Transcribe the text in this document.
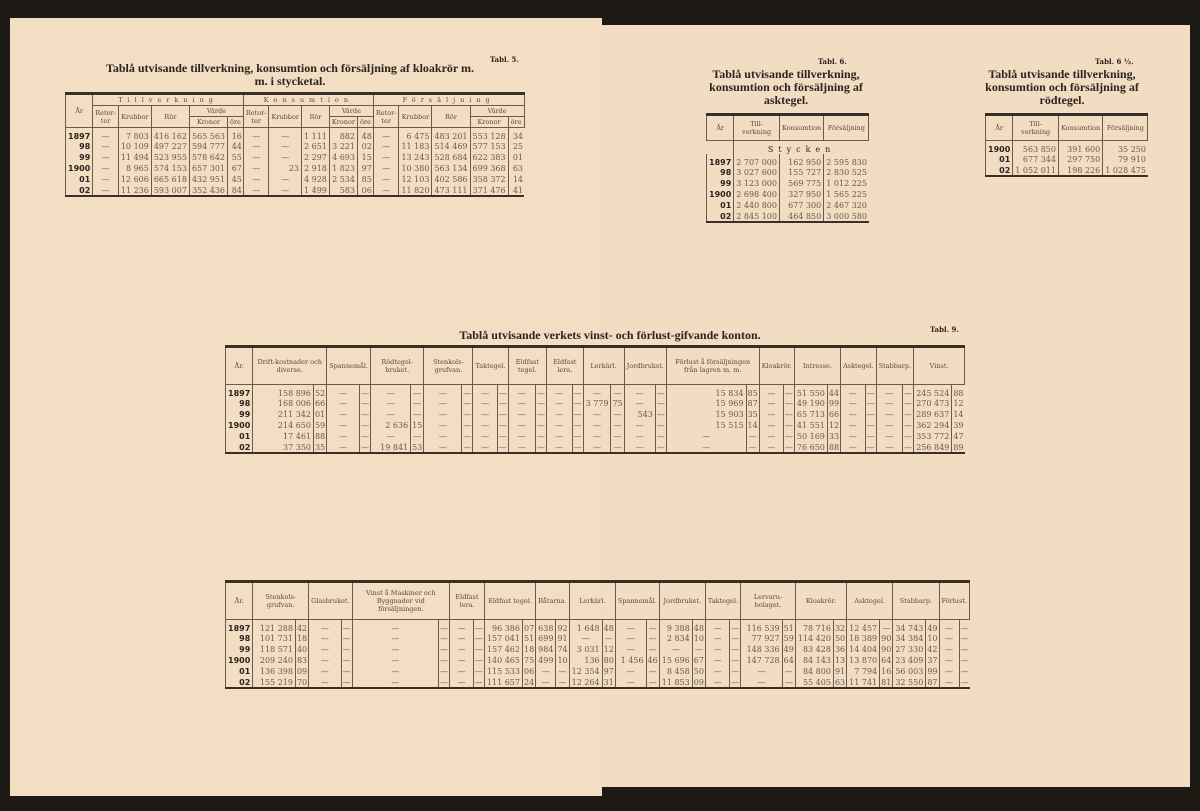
Tabl. 5.
Tablå utvisande tillverkning, konsumtion och försäljning af kloakrör m. m. i stycketal.
År	Tillverkning					Konsumtion					Försäljning				
	Retor-ter	Krubbor	Rör	Värde		Retor-ter	Krubbor	Rör	Värde		Retor-ter	Krubbor	Rör	Värde	
				Kronor	öre				Kronor	öre				Kronor	öre
1897	—	7 803	416 162	565 563	16	—	—	1 111	882	48	—	6 475	483 201	553 128	34
98	—	10 109	497 227	594 777	44	—	—	2 651	3 221	02	—	11 183	514 469	577 153	25
99	—	11 494	523 955	578 642	55	—	—	2 297	4 693	15	—	13 243	528 684	622 383	01
1900	—	8 965	574 153	657 301	67	—	23	2 918	1 823	97	—	10 380	563 134	699 368	63
01	—	12 606	665 618	432 951	45	—	—	4 928	2 534	85	—	12 103	402 586	358 372	14
02	—	11 236	593 007	352 436	84	—	—	1 499	583	06	—	11 820	473 111	371 476	41
Tabl. 6.
Tablå utvisande tillverkning, konsumtion och försäljning af asktegel.
År	Till-verkning	Konsumtion	Försäljning
	Stycken		
1897	2 707 000	162 950	2 595 830
98	3 027 600	155 727	2 830 525
99	3 123 000	569 775	1 012 225
1900	2 698 400	327 950	1 565 225
01	2 440 800	677 300	2 467 320
02	2 845 100	464 850	3 000 580
Tabl. 6 ½.
Tablå utvisande tillverkning, konsumtion och försäljning af rödtegel.
År	Till-verkning	Konsumtion	Försäljning
1900	563 850	391 600	35 250
01	677 344	297 750	79 910
02	1 052 011	198 226	1 028 475
Tabl. 9.
Tablå utvisande verkets vinst- och förlust-gifvande konton.
År.	Drift-kostnader och diverse.		Spannemål.		Rödtegel-bruket.		Stenkols-grufvan.		Taktegel.		Eldfast tegel.		Eldfast lera.		Lerkärl.		Jordbrukst.		Förlust å försäljningen från lagren m. m.		Kloakrör.		Intresse.		Asktegel.		Stabbarp.		Vinst.	
1897	158 896	52	—	—	—	—	—	—	—	—	—	—	—	—	—	—	—	—	15 834	85	—	—	51 550	44	—	—	—	—	245 524	88
98	168 006	66	—	—	—	—	—	—	—	—	—	—	—	—	3 779	75	—	—	15 969	87	—	—	49 190	99	—	—	—	—	270 473	12
99	211 342	01	—	—	—	—	—	—	—	—	—	—	—	—	—	—	543	—	15 903	35	—	—	65 713	66	—	—	—	—	289 637	14
1900	214 650	59	—	—	2 636	15	—	—	—	—	—	—	—	—	—	—	—	—	15 515	14	—	—	41 551	12	—	—	—	—	362 294	39
01	17 461	88	—	—	—	—	—	—	—	—	—	—	—	—	—	—	—	—	—	—	—	—	50 169	33	—	—	—	—	353 772	47
02	37 350	35	—	—	19 841	53	—	—	—	—	—	—	—	—	—	—	—	—	—	—	—	—	76 650	88	—	—	—	—	256 849	89
År.	Stenkols-grufvan.		Glasbruket.		Vinst å Maskiner och Byggnader vid försäljningen.		Eldfast lera.		Eldfast tegel.		Båtarna.		Lerkärl.		Spannemål.		Jordbruket.		Taktegel.		Lervaru-bolaget.		Kloakrör.		Asktegel.		Stabbarp.		Förlust.	
1897	121 288	42	—	—	—	—	—	—	96 386	07	638	92	1 648	48	—	—	9 388	48	—	—	116 539	51	78 716	32	12 457	—	34 743	49	—	—
98	101 731	18	—	—	—	—	—	—	157 041	51	699	91	—	—	—	—	2 834	10	—	—	77 927	59	114 420	50	18 389	90	34 384	10	—	—
99	118 571	40	—	—	—	—	—	—	157 462	18	984	74	3 031	12	—	—	—	—	—	—	148 336	49	83 428	36	14 404	90	27 330	42	—	—
1900	209 240	83	—	—	—	—	—	—	140 465	75	499	10	136	80	1 456	46	15 696	67	—	—	147 728	64	84 143	13	13 870	64	23 409	37	—	—
01	136 398	09	—	—	—	—	—	—	115 533	06	—	—	12 354	97	—	—	8 458	50	—	—	—	—	84 800	91	7 794	16	56 003	99	—	—
02	155 219	70	—	—	—	—	—	—	111 657	24	—	—	12 264	31	—	—	11 853	09	—	—	—	—	55 405	63	11 741	81	32 550	87	—	—
